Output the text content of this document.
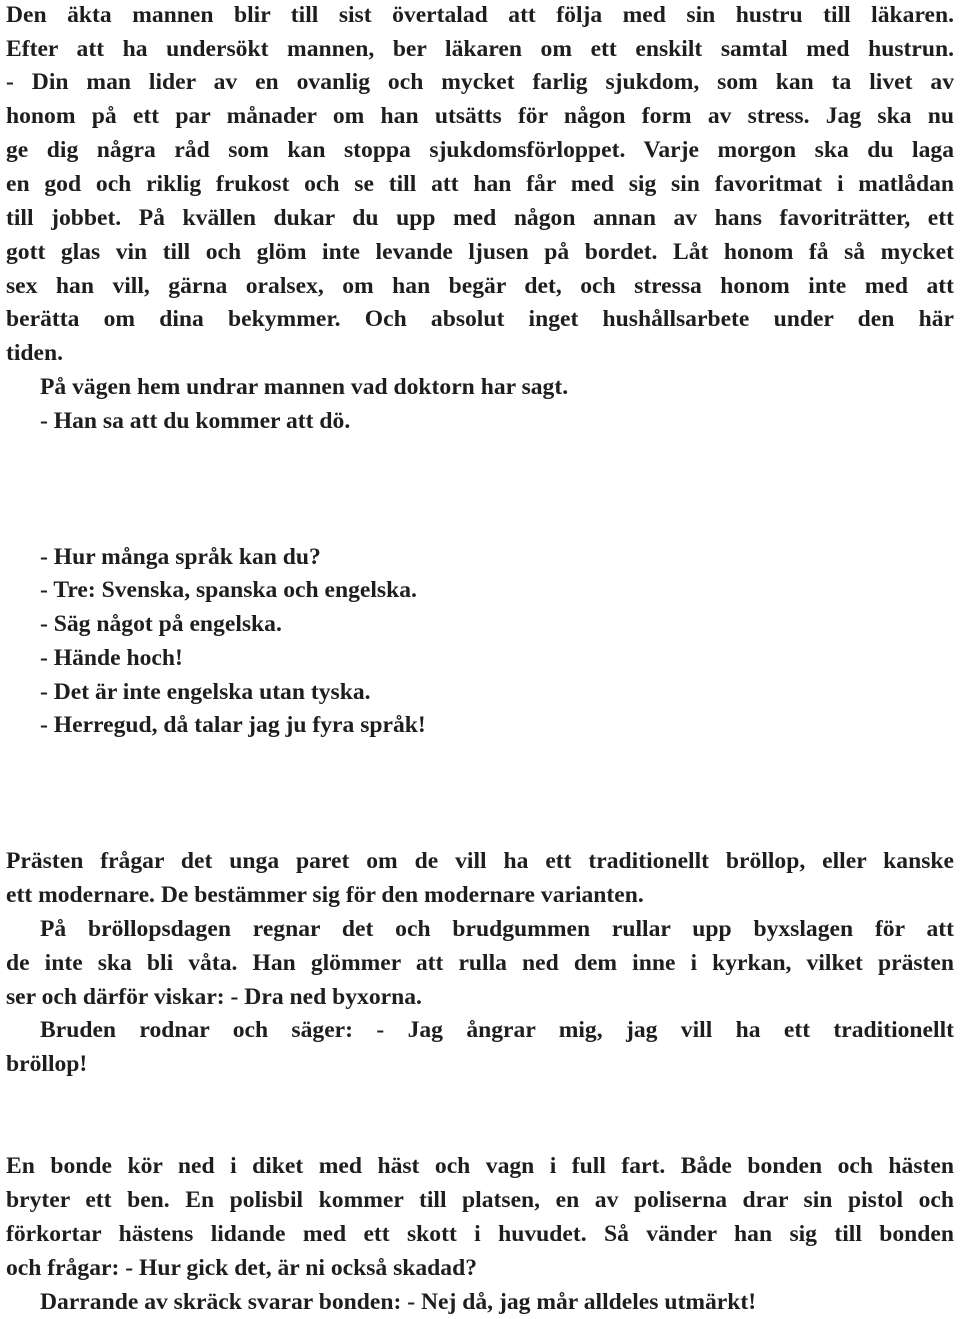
Den äkta mannen blir till sist övertalad att följa med sin hustru till läkaren.

Efter att ha undersökt mannen, ber läkaren om ett enskilt samtal med hustrun.

- Din man lider av en ovanlig och mycket farlig sjukdom, som kan ta livet av

honom på ett par månader om han utsätts för någon form av stress. Jag ska nu

ge dig några råd som kan stoppa sjukdomsförloppet. Varje morgon ska du laga

en god och riklig frukost och se till att han får med sig sin favoritmat i matlådan

till jobbet. På kvällen dukar du upp med någon annan av hans favoriträtter, ett

gott glas vin till och glöm inte levande ljusen på bordet. Låt honom få så mycket

sex han vill, gärna oralsex, om han begär det, och stressa honom inte med att

berätta om dina bekymmer. Och absolut inget hushållsarbete under den här

tiden.

På vägen hem undrar mannen vad doktorn har sagt.

- Han sa att du kommer att dö.

- Hur många språk kan du?

- Tre: Svenska, spanska och engelska.

- Säg något på engelska.

- Hände hoch!

- Det är inte engelska utan tyska.

- Herregud, då talar jag ju fyra språk!

Prästen frågar det unga paret om de vill ha ett traditionellt bröllop, eller kanske

ett modernare. De bestämmer sig för den modernare varianten.

På bröllopsdagen regnar det och brudgummen rullar upp byxslagen för att

de inte ska bli våta. Han glömmer att rulla ned dem inne i kyrkan, vilket prästen

ser och därför viskar: - Dra ned byxorna.

Bruden rodnar och säger: - Jag ångrar mig, jag vill ha ett traditionellt

bröllop!

En bonde kör ned i diket med häst och vagn i full fart. Både bonden och hästen

bryter ett ben. En polisbil kommer till platsen, en av poliserna drar sin pistol och

förkortar hästens lidande med ett skott i huvudet. Så vänder han sig till bonden

och frågar: - Hur gick det, är ni också skadad?

Darrande av skräck svarar bonden: - Nej då, jag mår alldeles utmärkt!
